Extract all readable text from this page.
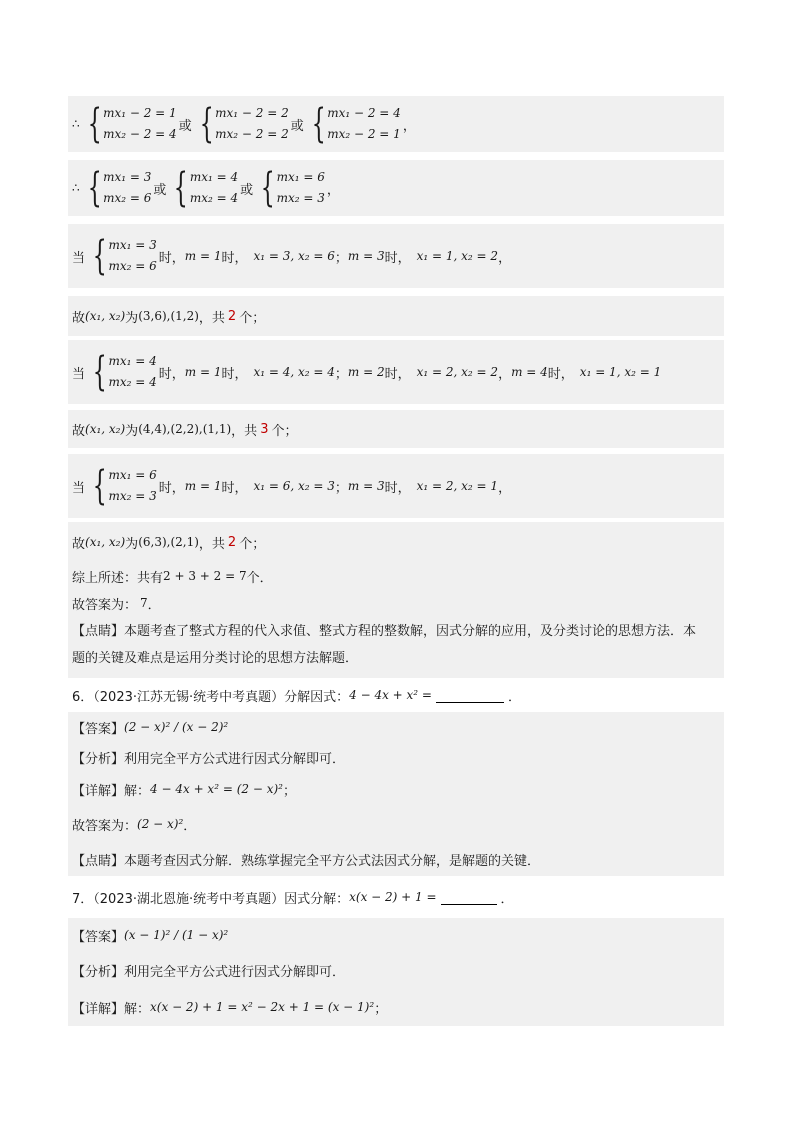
∴ { mx₁ − 2 = 1
mx₂ − 2 = 4
或 { mx₁ − 2 = 2
mx₂ − 2 = 2
或 { mx₁ − 2 = 4
mx₂ − 2 = 1
，
∴ { mx₁ = 3
mx₂ = 6
或 { mx₁ = 4
mx₂ = 4
或 { mx₁ = 6
mx₂ = 3
，
当 { mx₁ = 3
mx₂ = 6
时， m = 1 时， x₁ = 3, x₂ = 6 ； m = 3 时， x₁ = 1, x₂ = 2 ，
故 (x₁, x₂) 为 (3,6),(1,2) ，共 2 个；
当 { mx₁ = 4
mx₂ = 4
时， m = 1 时， x₁ = 4, x₂ = 4 ； m = 2 时， x₁ = 2, x₂ = 2 ， m = 4 时， x₁ = 1, x₂ = 1
故 (x₁, x₂) 为 (4,4),(2,2),(1,1) ，共 3 个；
当 { mx₁ = 6
mx₂ = 3
时， m = 1 时， x₁ = 6, x₂ = 3 ； m = 3 时， x₁ = 2, x₂ = 1 ，
故 (x₁, x₂) 为 (6,3),(2,1) ，共 2 个；
综上所述：共有 2 + 3 + 2 = 7 个．
故答案为： 7 ．
【点睛】本题考查了整式方程的代入求值、整式方程的整数解，因式分解的应用，及分类讨论的思想方法．本
题的关键及难点是运用分类讨论的思想方法解题．
6．（2023·江苏无锡·统考中考真题）分解因式： 4 − 4x + x² =	．
【答案】 (2 − x)² / (x − 2)²
【分析】 利用完全平方公式进行因式分解即可．
【详解】 解： 4 − 4x + x² = (2 − x)² ；
故答案为： (2 − x)² ．
【点睛】 本题考查因式分解．熟练掌握完全平方公式法因式分解，是解题的关键．
7．（2023·湖北恩施·统考中考真题）因式分解： x(x − 2) + 1 =	．
【答案】 (x − 1)² / (1 − x)²
【分析】 利用完全平方公式进行因式分解即可．
【详解】 解： x(x − 2) + 1 = x² − 2x + 1 = (x − 1)² ；
